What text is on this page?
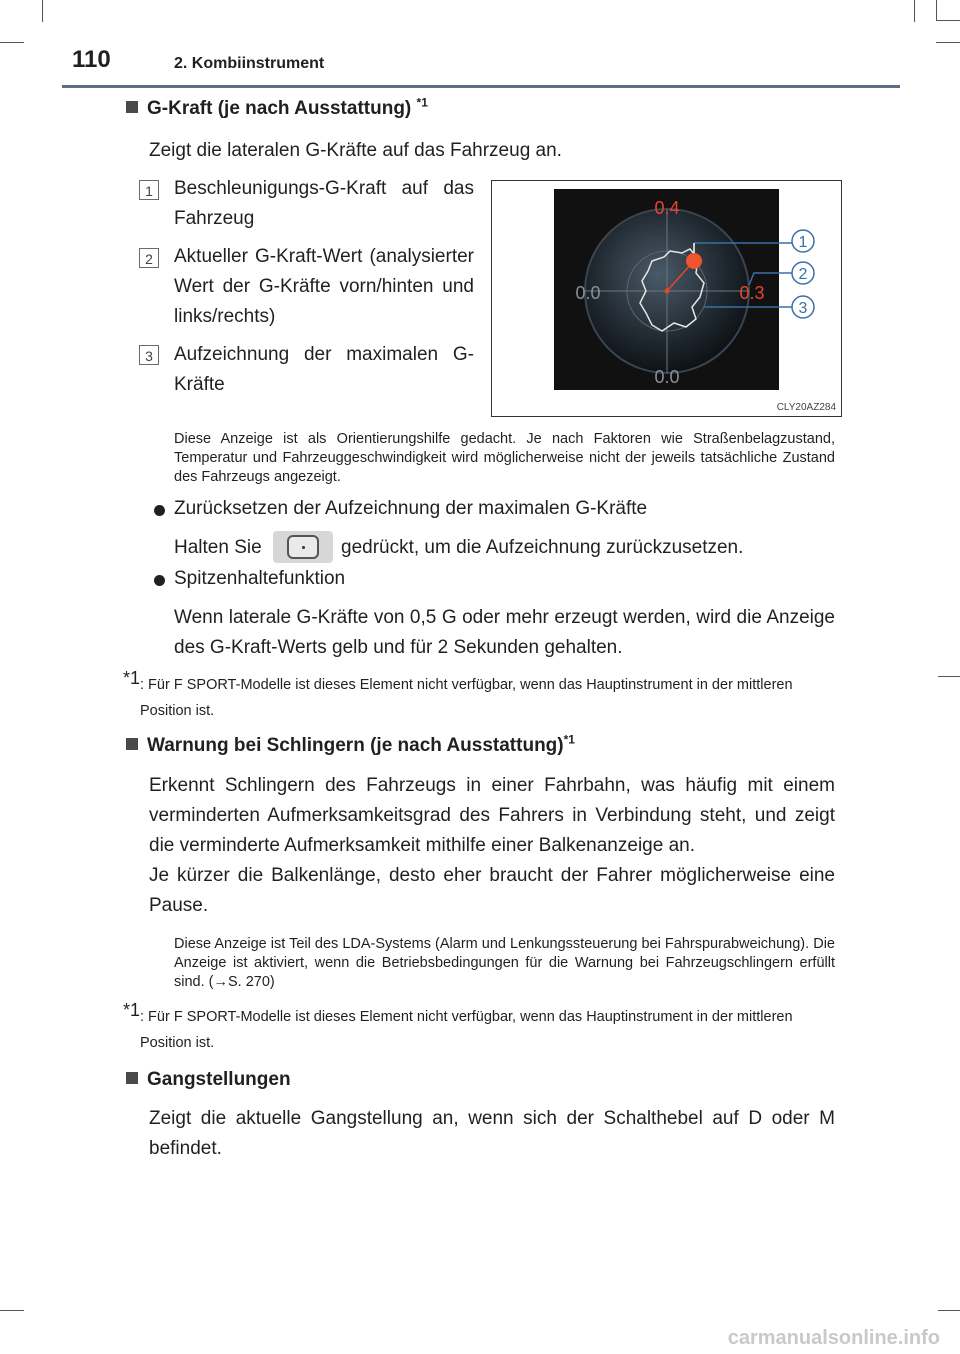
110	2. Kombiinstrument
G-Kraft (je nach Ausstattung) $^{*1}$
Zeigt die lateralen G-Kräfte auf das Fahrzeug an.
1	Beschleunigungs-G-Kraft auf das Fahrzeug
2	Aktueller G-Kraft-Wert (analysierter Wert der G-Kräfte vorn/hinten und links/rechts)
3	Aufzeichnung der maximalen G-Kräfte
0.4
0.0	0.3
0.0
1
2
3
CLY20AZ284
Diese Anzeige ist als Orientierungshilfe gedacht. Je nach Faktoren wie Straßenbelagzustand, Temperatur und Fahrzeuggeschwindigkeit wird möglicherweise nicht der jeweils tatsächliche Zustand des Fahrzeugs angezeigt.
Zurücksetzen der Aufzeichnung der maximalen G-Kräfte
Halten Sie	gedrückt, um die Aufzeichnung zurückzusetzen.
Spitzenhaltefunktion
Wenn laterale G-Kräfte von 0,5 G oder mehr erzeugt werden, wird die Anzeige des G-Kraft-Werts gelb und für 2 Sekunden gehalten.
*1 : Für F SPORT-Modelle ist dieses Element nicht verfügbar, wenn das Hauptinstrument in der mittleren Position ist.
Warnung bei Schlingern (je nach Ausstattung)$^{*1}$
Erkennt Schlingern des Fahrzeugs in einer Fahrbahn, was häufig mit einem verminderten Aufmerksamkeitsgrad des Fahrers in Verbindung steht, und zeigt die verminderte Aufmerksamkeit mithilfe einer Balkenanzeige an.
Je kürzer die Balkenlänge, desto eher braucht der Fahrer möglicherweise eine Pause.
Diese Anzeige ist Teil des LDA-Systems (Alarm und Lenkungssteuerung bei Fahrspurabweichung). Die Anzeige ist aktiviert, wenn die Betriebsbedingungen für die Warnung bei Fahrzeugschlingern erfüllt sind. (→S. 270)
*1 : Für F SPORT-Modelle ist dieses Element nicht verfügbar, wenn das Hauptinstrument in der mittleren Position ist.
Gangstellungen
Zeigt die aktuelle Gangstellung an, wenn sich der Schalthebel auf D oder M befindet.
carmanualsonline.info
